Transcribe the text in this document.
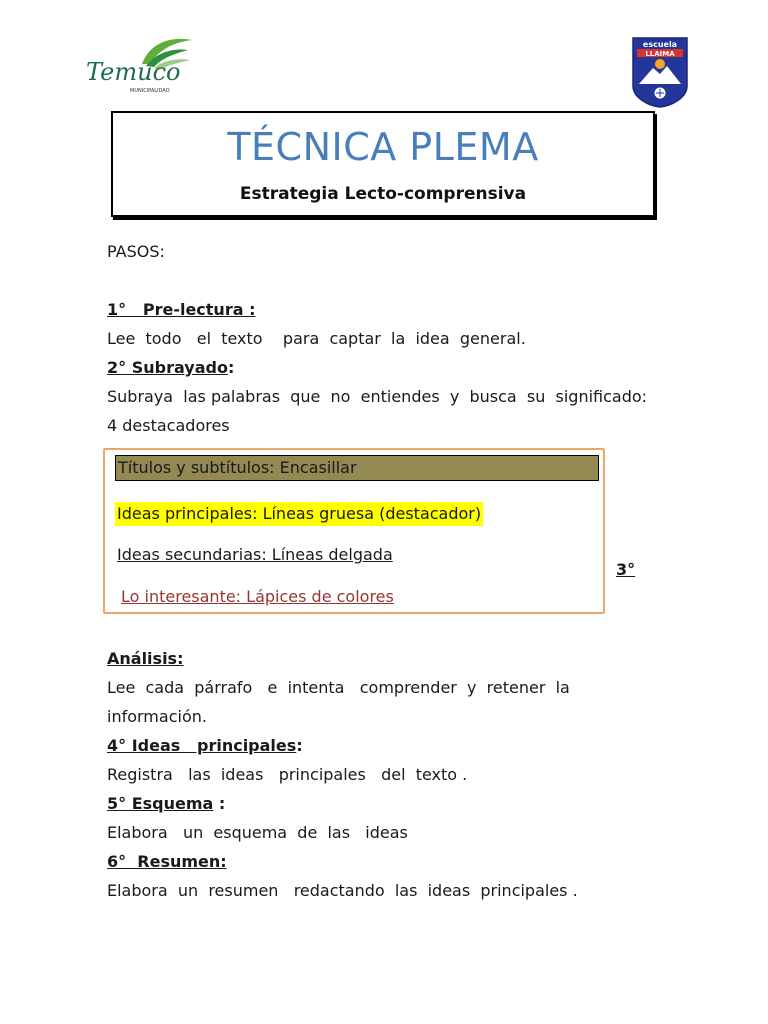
Temuco
MUNICIPALIDAD
escuela
LLAIMA
TÉCNICA PLEMA
Estrategia Lecto-comprensiva
PASOS:
1°   Pre-lectura :
Lee  todo   el  texto    para  captar  la  idea  general.
2° Subrayado:
Subraya  las palabras  que  no  entiendes  y  busca  su  significado:
4 destacadores
Títulos y subtítulos: Encasillar
Ideas principales: Líneas gruesa (destacador)
Ideas secundarias: Líneas delgada
Lo interesante: Lápices de colores
3°
Análisis:
Lee  cada  párrafo   e  intenta   comprender  y  retener  la
información.
4° Ideas   principales:
Registra   las  ideas   principales   del  texto .
5° Esquema :
Elabora   un  esquema  de  las   ideas
6°  Resumen:
Elabora  un  resumen   redactando  las  ideas  principales .
